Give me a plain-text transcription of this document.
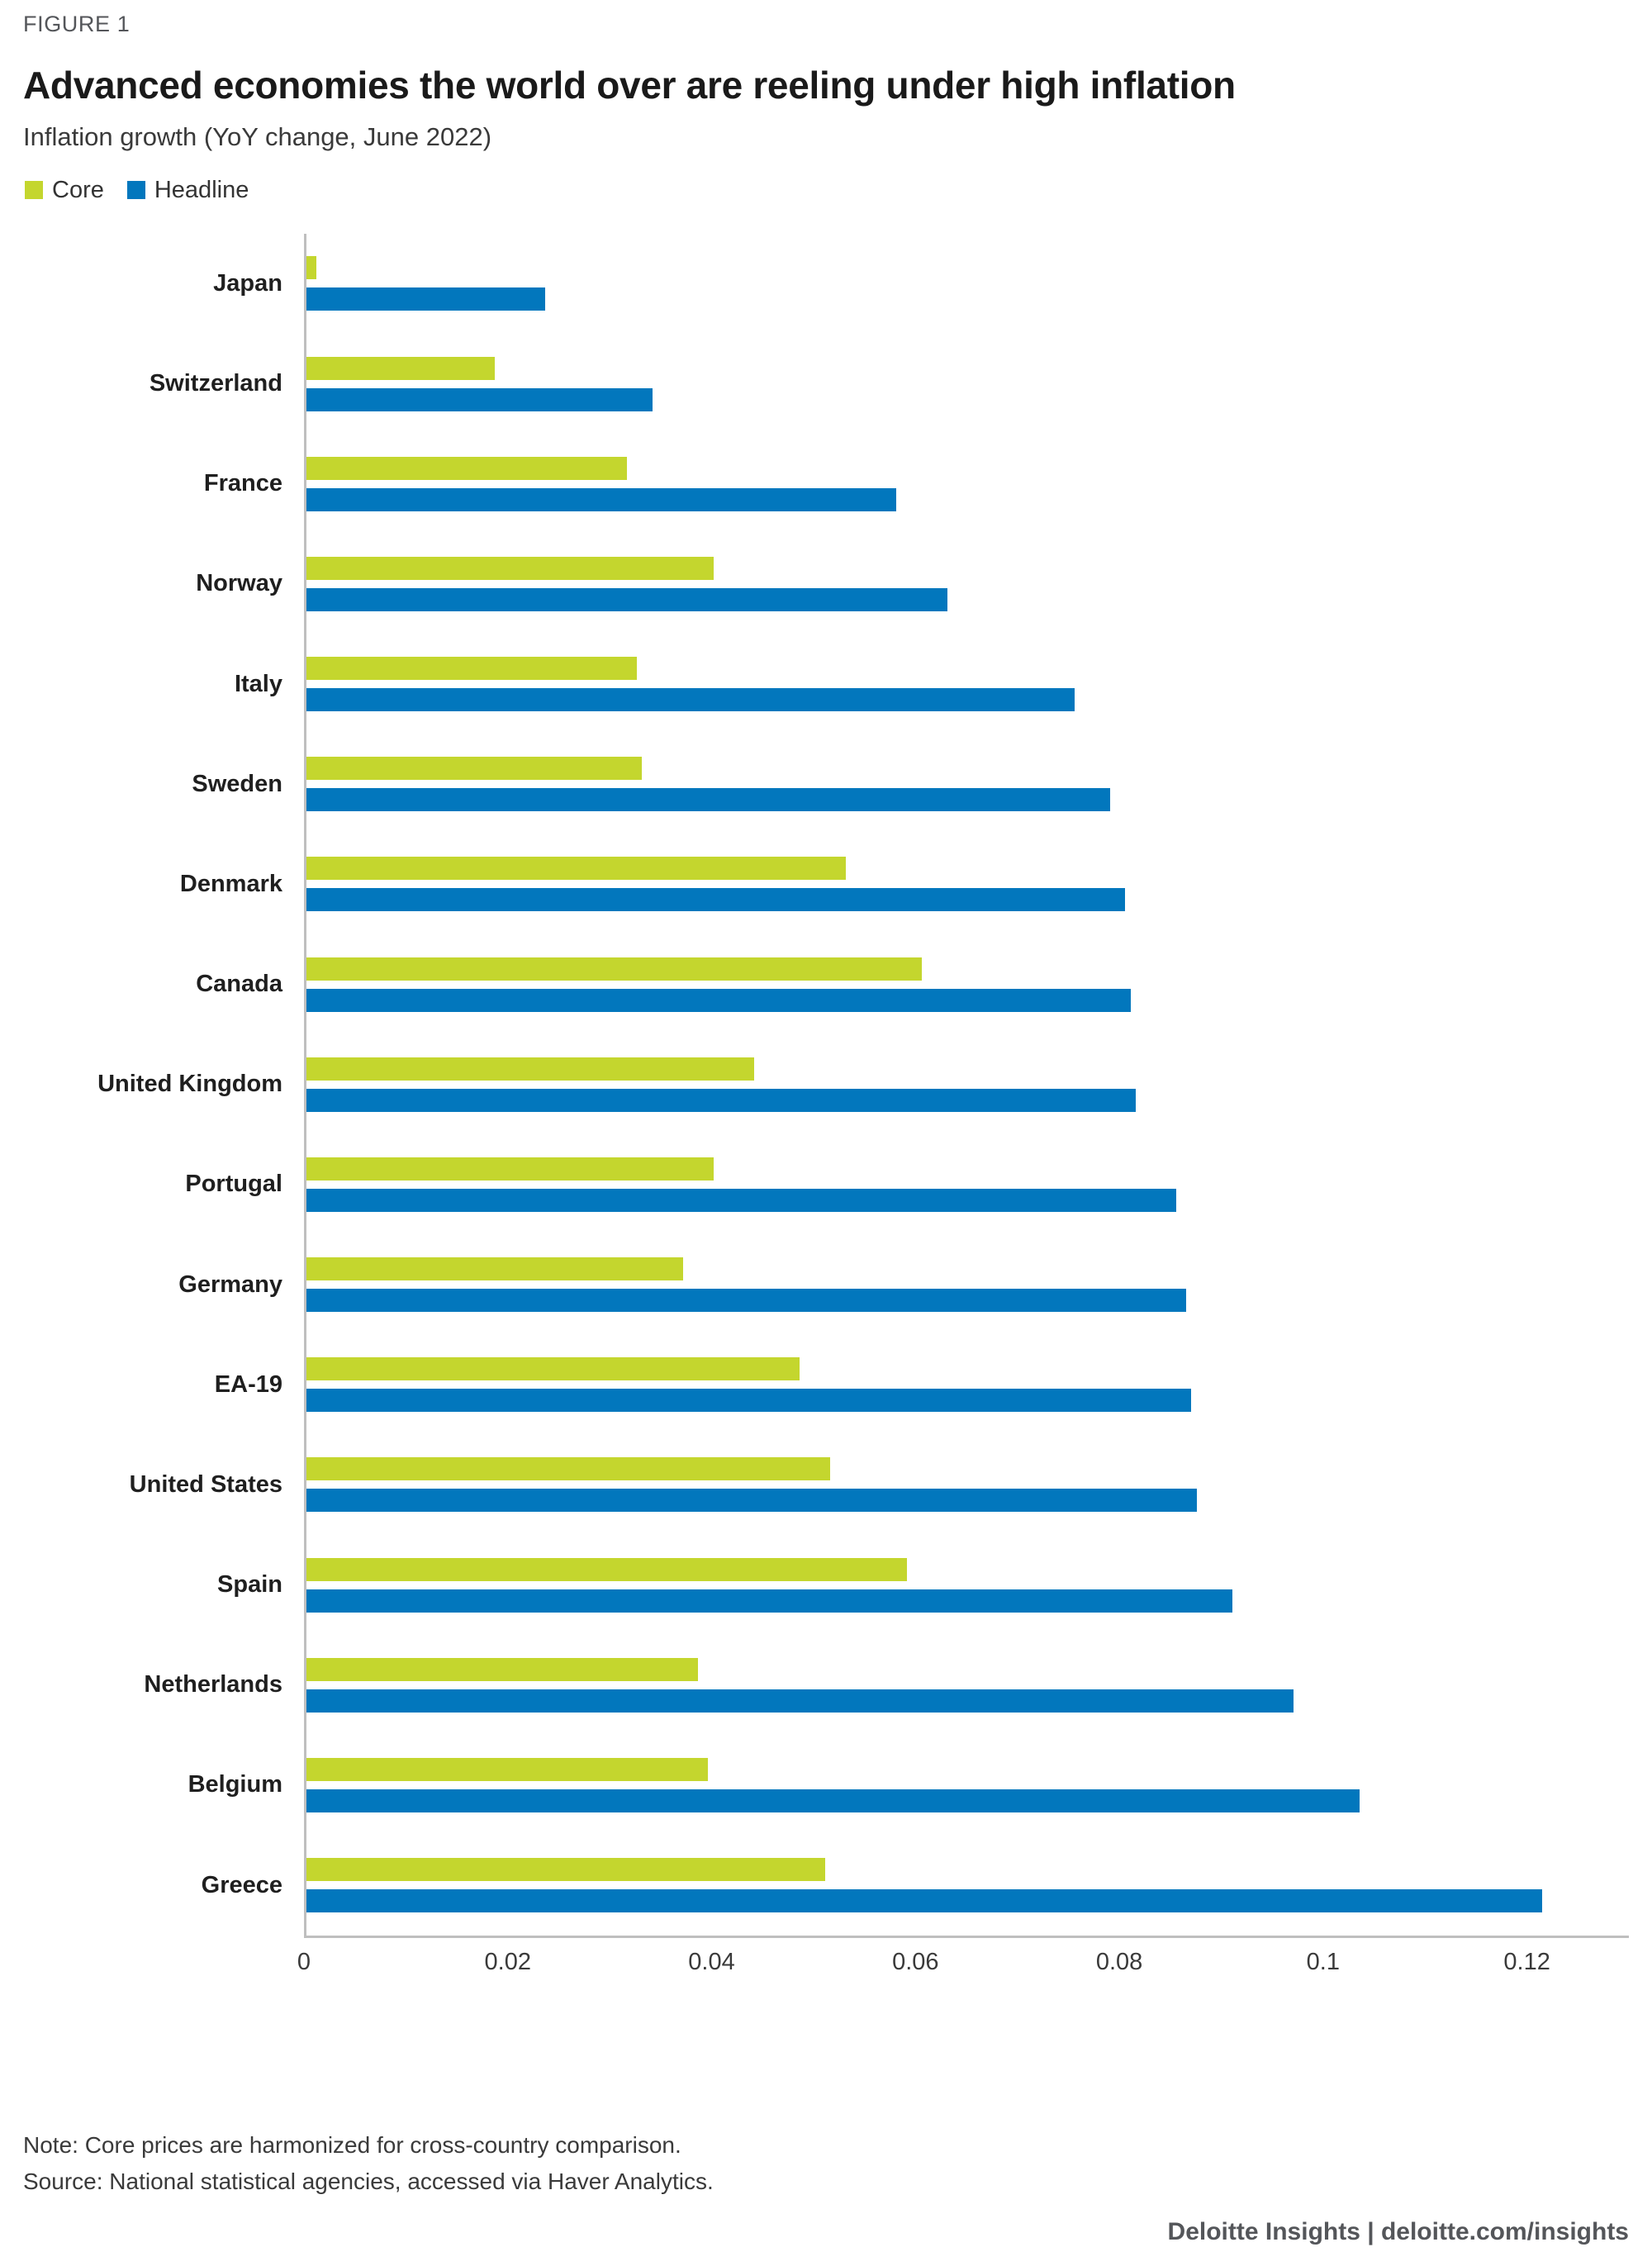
FIGURE 1
Advanced economies the world over are reeling under high inflation
Inflation growth (YoY change, June 2022)
Core Headline
Japan
Switzerland
France
Norway
Italy
Sweden
Denmark
Canada
United Kingdom
Portugal
Germany
EA-19
United States
Spain
Netherlands
Belgium
Greece
0	0.02	0.04	0.06	0.08	0.1	0.12
Note: Core prices are harmonized for cross-country comparison.
Source: National statistical agencies, accessed via Haver Analytics.
Deloitte Insights | deloitte.com/insights
